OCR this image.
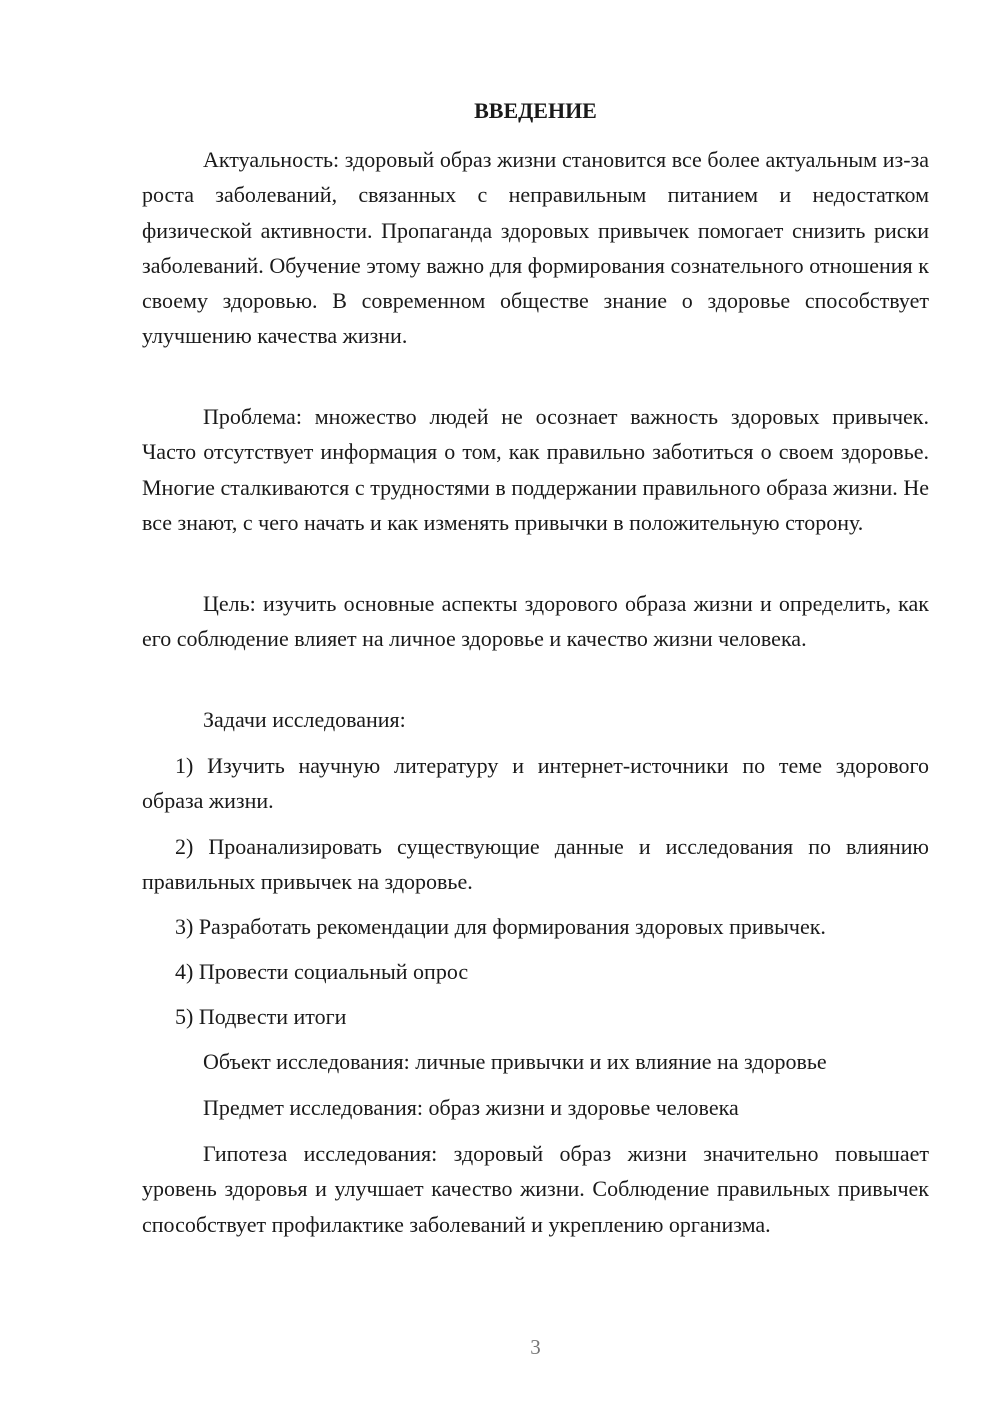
ВВЕДЕНИЕ

Актуальность: здоровый образ жизни становится все более актуальным из-за роста заболеваний, связанных с неправильным питанием и недостатком физической активности. Пропаганда здоровых привычек помогает снизить риски заболеваний. Обучение этому важно для формирования сознательного отношения к своему здоровью. В современном обществе знание о здоровье способствует улучшению качества жизни.

Проблема: множество людей не осознает важность здоровых привычек. Часто отсутствует информация о том, как правильно заботиться о своем здоровье. Многие сталкиваются с трудностями в поддержании правильного образа жизни. Не все знают, с чего начать и как изменять привычки в положительную сторону.

Цель: изучить основные аспекты здорового образа жизни и определить, как его соблюдение влияет на личное здоровье и качество жизни человека.

Задачи исследования:

1) Изучить научную литературу и интернет-источники по теме здорового образа жизни.

2) Проанализировать существующие данные и исследования по влиянию правильных привычек на здоровье.

3) Разработать рекомендации для формирования здоровых привычек.

4) Провести социальный опрос

5) Подвести итоги

Объект исследования: личные привычки и их влияние на здоровье

Предмет исследования: образ жизни и здоровье человека

Гипотеза исследования: здоровый образ жизни значительно повышает уровень здоровья и улучшает качество жизни. Соблюдение правильных привычек способствует профилактике заболеваний и укреплению организма.

3
